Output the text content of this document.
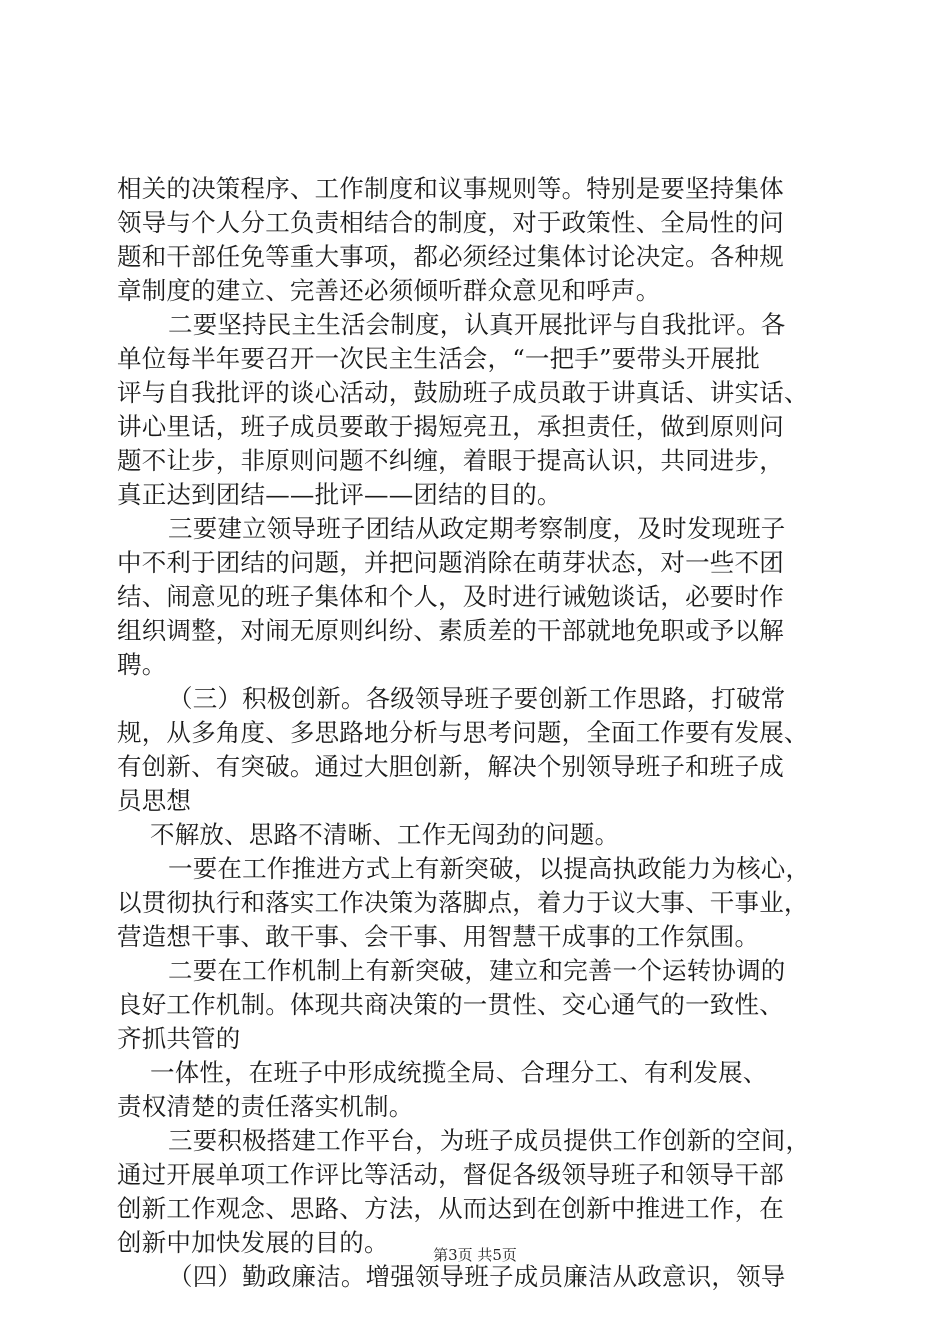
相关的决策程序、工作制度和议事规则等。特别是要坚持集体
领导与个人分工负责相结合的制度，对于政策性、全局性的问
题和干部任免等重大事项，都必须经过集体讨论决定。各种规
章制度的建立、完善还必须倾听群众意见和呼声。
二要坚持民主生活会制度，认真开展批评与自我批评。各
单位每半年要召开一次民主生活会，“一把手”要带头开展批
评与自我批评的谈心活动，鼓励班子成员敢于讲真话、讲实话、
讲心里话，班子成员要敢于揭短亮丑，承担责任，做到原则问
题不让步，非原则问题不纠缠，着眼于提高认识，共同进步，
真正达到团结——批评——团结的目的。
三要建立领导班子团结从政定期考察制度，及时发现班子
中不利于团结的问题，并把问题消除在萌芽状态，对一些不团
结、闹意见的班子集体和个人，及时进行诫勉谈话，必要时作
组织调整，对闹无原则纠纷、素质差的干部就地免职或予以解
聘。
（三）积极创新。各级领导班子要创新工作思路，打破常
规，从多角度、多思路地分析与思考问题，全面工作要有发展、
有创新、有突破。通过大胆创新，解决个别领导班子和班子成
员思想
不解放、思路不清晰、工作无闯劲的问题。
一要在工作推进方式上有新突破，以提高执政能力为核心，
以贯彻执行和落实工作决策为落脚点，着力于议大事、干事业，
营造想干事、敢干事、会干事、用智慧干成事的工作氛围。
二要在工作机制上有新突破，建立和完善一个运转协调的
良好工作机制。体现共商决策的一贯性、交心通气的一致性、
齐抓共管的
一体性，在班子中形成统揽全局、合理分工、有利发展、
责权清楚的责任落实机制。
三要积极搭建工作平台，为班子成员提供工作创新的空间，
通过开展单项工作评比等活动，督促各级领导班子和领导干部
创新工作观念、思路、方法，从而达到在创新中推进工作，在
创新中加快发展的目的。
（四）勤政廉洁。增强领导班子成员廉洁从政意识，领导
第3页 共5页
